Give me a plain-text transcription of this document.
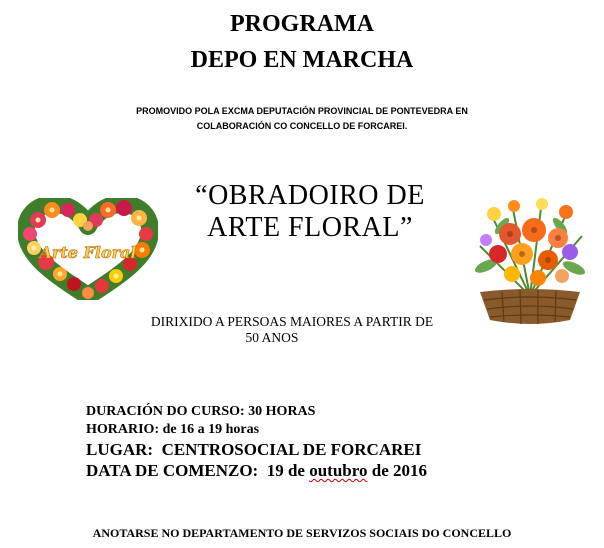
PROGRAMA
DEPO EN MARCHA
PROMOVIDO POLA EXCMA DEPUTACIÓN PROVINCIAL DE PONTEVEDRA EN
COLABORACIÓN CO CONCELLO DE FORCAREI.
“OBRADOIRO DE
ARTE FLORAL”
Arte Floral
DIRIXIDO A PERSOAS MAIORES A PARTIR DE
50 ANOS
DURACIÓN DO CURSO: 30 HORAS
HORARIO: de 16 a 19 horas
LUGAR: CENTROSOCIAL DE FORCAREI
DATA DE COMENZO: 19 de outubro de 2016
ANOTARSE NO DEPARTAMENTO DE SERVIZOS SOCIAIS DO CONCELLO
